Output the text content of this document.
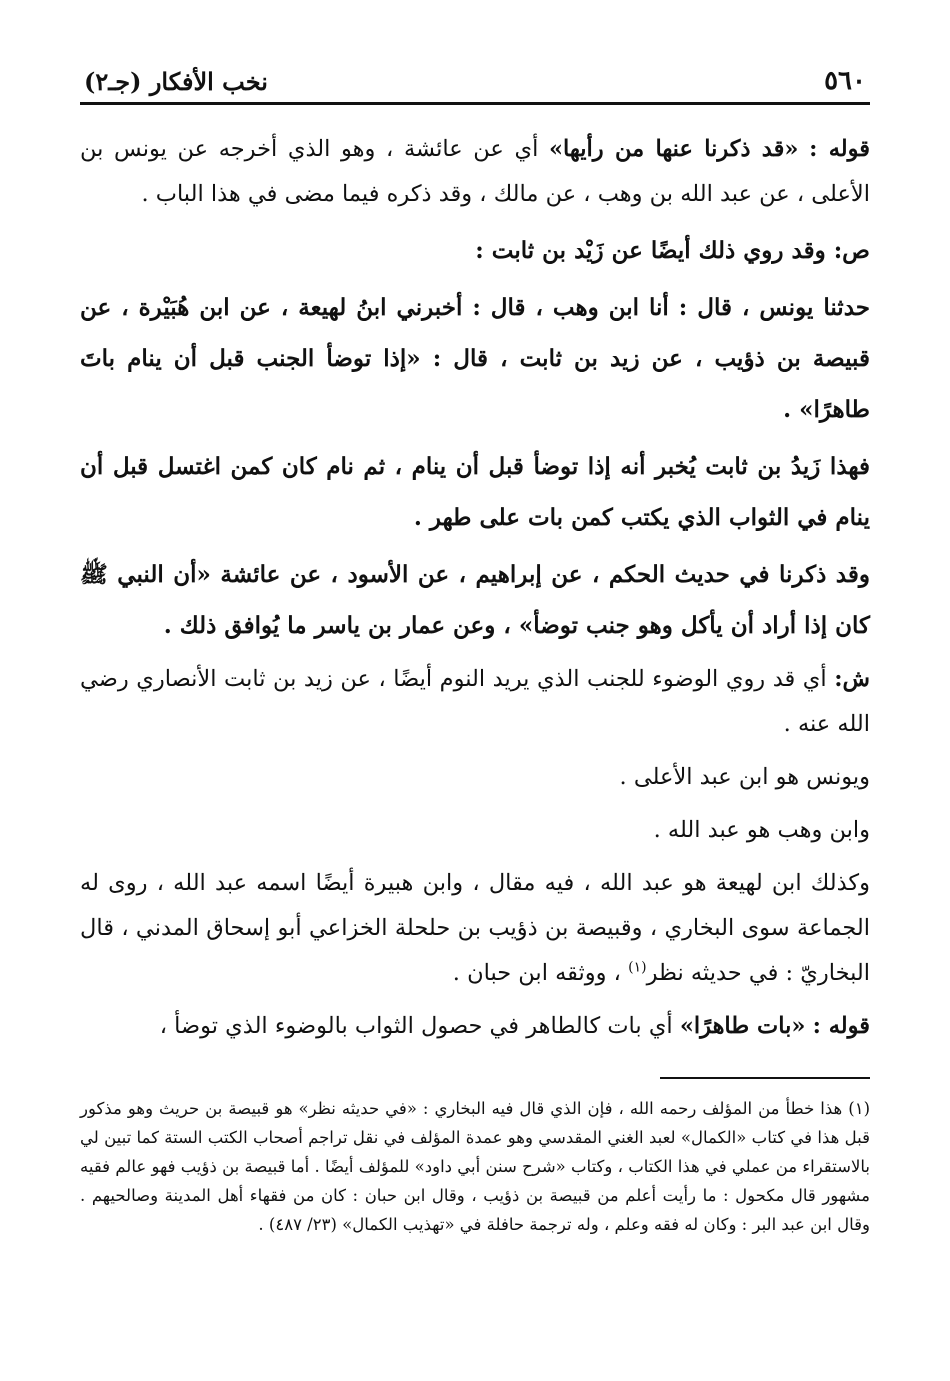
٥٦٠
نخب الأفكار (جـ٢)

قوله : «قد ذكرنا عنها من رأيها» أي عن عائشة ، وهو الذي أخرجه عن يونس بن الأعلى ، عن عبد الله بن وهب ، عن مالك ، وقد ذكره فيما مضى في هذا الباب .

ص: وقد روي ذلك أيضًا عن زَيْد بن ثابت :

حدثنا يونس ، قال : أنا ابن وهب ، قال : أخبرني ابنُ لهيعة ، عن ابن هُبَيْرة ، عن قبيصة بن ذؤيب ، عن زيد بن ثابت ، قال : «إذا توضأ الجنب قبل أن ينام باتَ طاهرًا» .

فهذا زَيدُ بن ثابت يُخبر أنه إذا توضأ قبل أن ينام ، ثم نام كان كمن اغتسل قبل أن ينام في الثواب الذي يكتب كمن بات على طهر .

وقد ذكرنا في حديث الحكم ، عن إبراهيم ، عن الأسود ، عن عائشة «أن النبي ﷺ كان إذا أراد أن يأكل وهو جنب توضأ» ، وعن عمار بن ياسر ما يُوافق ذلك .

ش: أي قد روي الوضوء للجنب الذي يريد النوم أيضًا ، عن زيد بن ثابت الأنصاري رضي الله عنه .

ويونس هو ابن عبد الأعلى .

وابن وهب هو عبد الله .

وكذلك ابن لهيعة هو عبد الله ، فيه مقال ، وابن هبيرة أيضًا اسمه عبد الله ، روى له الجماعة سوى البخاري ، وقبيصة بن ذؤيب بن حلحلة الخزاعي أبو إسحاق المدني ، قال البخاريّ : في حديثه نظر$^{(١)}$ ، ووثقه ابن حبان .

قوله : «بات طاهرًا» أي بات كالطاهر في حصول الثواب بالوضوء الذي توضأ ،

(١) هذا خطأ من المؤلف رحمه الله ، فإن الذي قال فيه البخاري : «في حديثه نظر» هو قبيصة بن حريث وهو مذكور قبل هذا في كتاب «الكمال» لعبد الغني المقدسي وهو عمدة المؤلف في نقل تراجم أصحاب الكتب الستة كما تبين لي بالاستقراء من عملي في هذا الكتاب ، وكتاب «شرح سنن أبي داود» للمؤلف أيضًا . أما قبيصة بن ذؤيب فهو عالم فقيه مشهور قال مكحول : ما رأيت أعلم من قبيصة بن ذؤيب ، وقال ابن حبان : كان من فقهاء أهل المدينة وصالحيهم . وقال ابن عبد البر : وكان له فقه وعلم ، وله ترجمة حافلة في «تهذيب الكمال» (٢٣/ ٤٨٧) .
